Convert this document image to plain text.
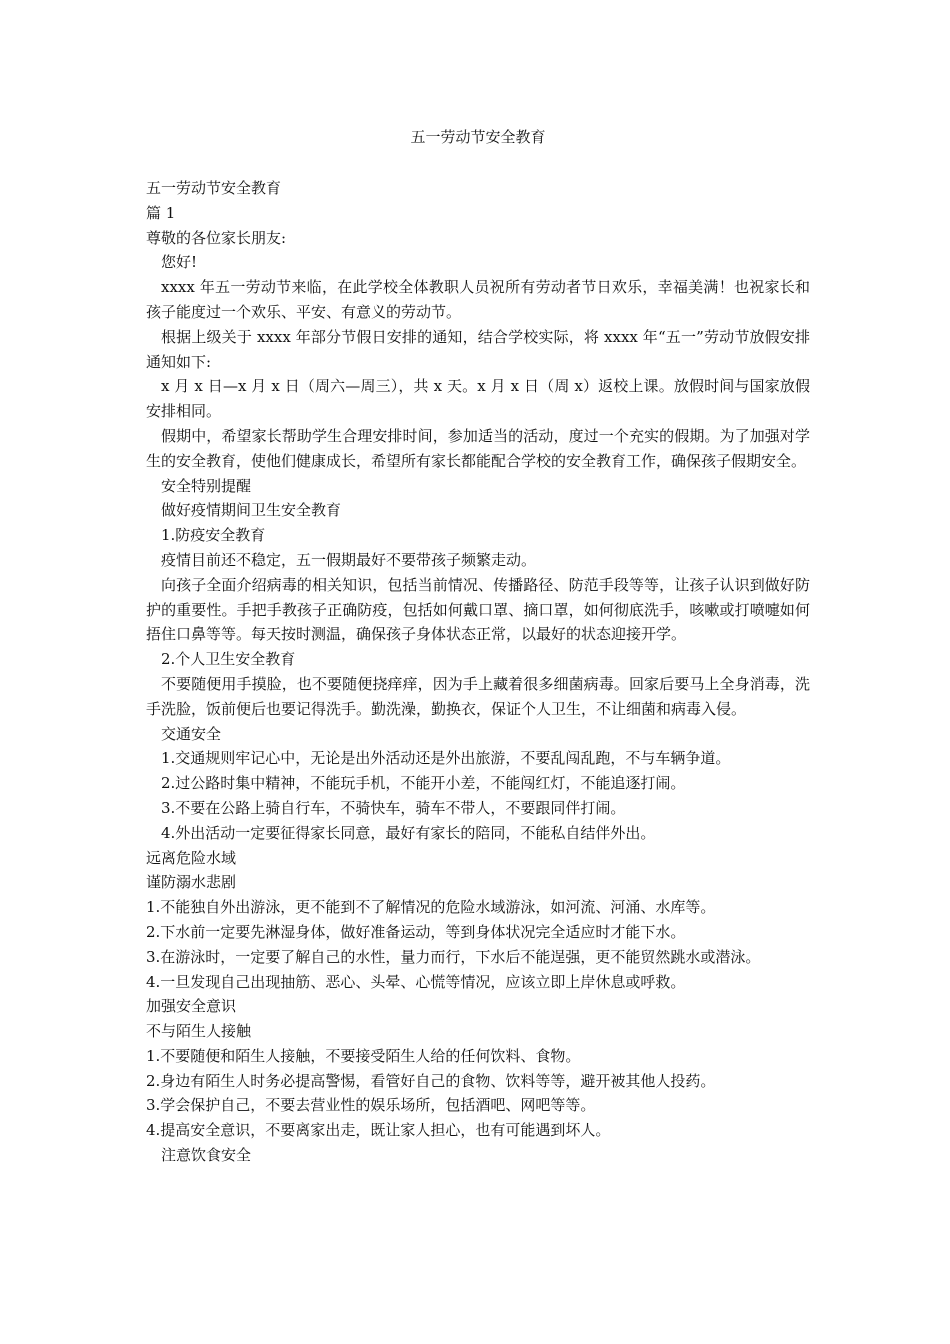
五一劳动节安全教育

五一劳动节安全教育

篇 1

尊敬的各位家长朋友:

您好!

xxxx 年五一劳动节来临，在此学校全体教职人员祝所有劳动者节日欢乐，幸福美满！也祝家长和孩子能度过一个欢乐、平安、有意义的劳动节。

根据上级关于 xxxx 年部分节假日安排的通知，结合学校实际，将 xxxx 年“五一”劳动节放假安排通知如下:

x 月 x 日—x 月 x 日（周六—周三），共 x 天。x 月 x 日（周 x）返校上课。放假时间与国家放假安排相同。

假期中，希望家长帮助学生合理安排时间，参加适当的活动，度过一个充实的假期。为了加强对学生的安全教育，使他们健康成长，希望所有家长都能配合学校的安全教育工作，确保孩子假期安全。

安全特别提醒

做好疫情期间卫生安全教育

1.防疫安全教育

疫情目前还不稳定，五一假期最好不要带孩子频繁走动。

向孩子全面介绍病毒的相关知识，包括当前情况、传播路径、防范手段等等，让孩子认识到做好防护的重要性。手把手教孩子正确防疫，包括如何戴口罩、摘口罩，如何彻底洗手，咳嗽或打喷嚏如何捂住口鼻等等。每天按时测温，确保孩子身体状态正常，以最好的状态迎接开学。

2.个人卫生安全教育

不要随便用手摸脸，也不要随便挠痒痒，因为手上藏着很多细菌病毒。回家后要马上全身消毒，洗手洗脸，饭前便后也要记得洗手。勤洗澡，勤换衣，保证个人卫生，不让细菌和病毒入侵。

交通安全

1.交通规则牢记心中，无论是出外活动还是外出旅游，不要乱闯乱跑，不与车辆争道。

2.过公路时集中精神，不能玩手机，不能开小差，不能闯红灯，不能追逐打闹。

3.不要在公路上骑自行车，不骑快车，骑车不带人，不要跟同伴打闹。

4.外出活动一定要征得家长同意，最好有家长的陪同，不能私自结伴外出。

远离危险水域

谨防溺水悲剧

1.不能独自外出游泳，更不能到不了解情况的危险水域游泳，如河流、河涌、水库等。

2.下水前一定要先淋湿身体，做好准备运动，等到身体状况完全适应时才能下水。

3.在游泳时，一定要了解自己的水性，量力而行，下水后不能逞强，更不能贸然跳水或潜泳。

4.一旦发现自己出现抽筋、恶心、头晕、心慌等情况，应该立即上岸休息或呼救。

加强安全意识

不与陌生人接触

1.不要随便和陌生人接触，不要接受陌生人给的任何饮料、食物。

2.身边有陌生人时务必提高警惕，看管好自己的食物、饮料等等，避开被其他人投药。

3.学会保护自己，不要去营业性的娱乐场所，包括酒吧、网吧等等。

4.提高安全意识，不要离家出走，既让家人担心，也有可能遇到坏人。

注意饮食安全
